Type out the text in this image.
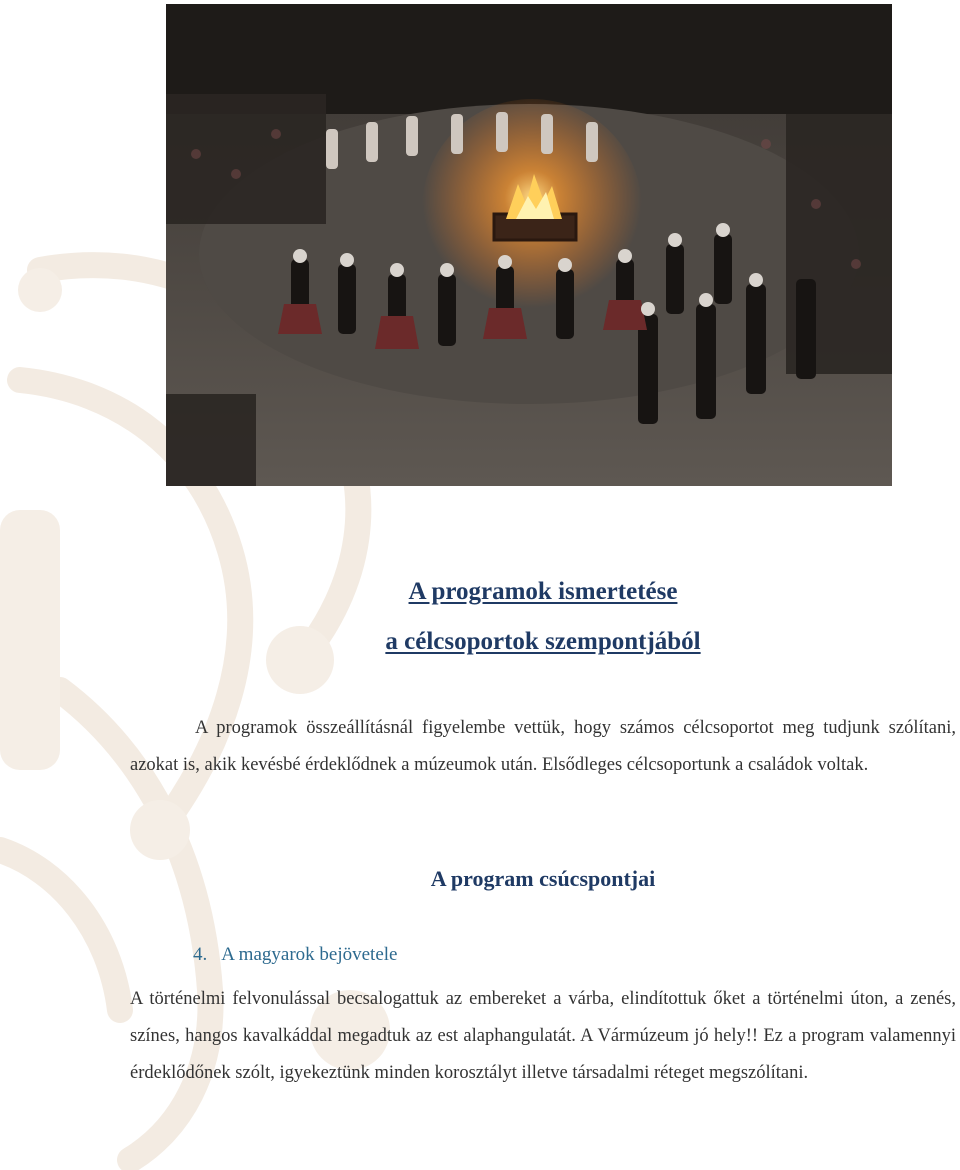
A programok ismertetése
a célcsoportok szempontjából

A programok összeállításnál figyelembe vettük, hogy számos célcsoportot meg tudjunk szólítani, azokat is, akik kevésbé érdeklődnek a múzeumok után. Elsődleges célcsoportunk a családok voltak.

A program csúcspontjai

4. A magyarok bejövetele

A történelmi felvonulással becsalogattuk az embereket a várba, elindítottuk őket a történelmi úton, a zenés, színes, hangos kavalkáddal megadtuk az est alaphangulatát. A Vármúzeum jó hely!! Ez a program valamennyi érdeklődőnek szólt, igyekeztünk minden korosztályt illetve társadalmi réteget megszólítani.
